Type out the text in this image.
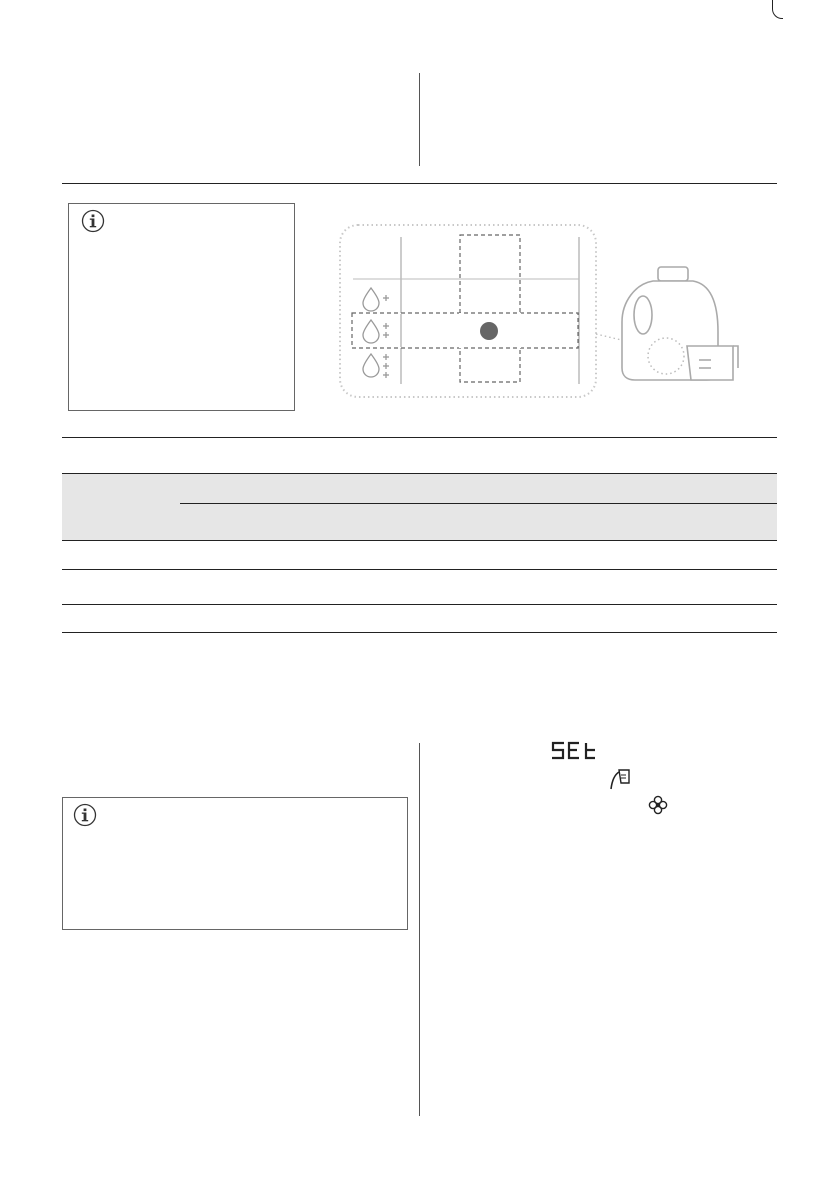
S
